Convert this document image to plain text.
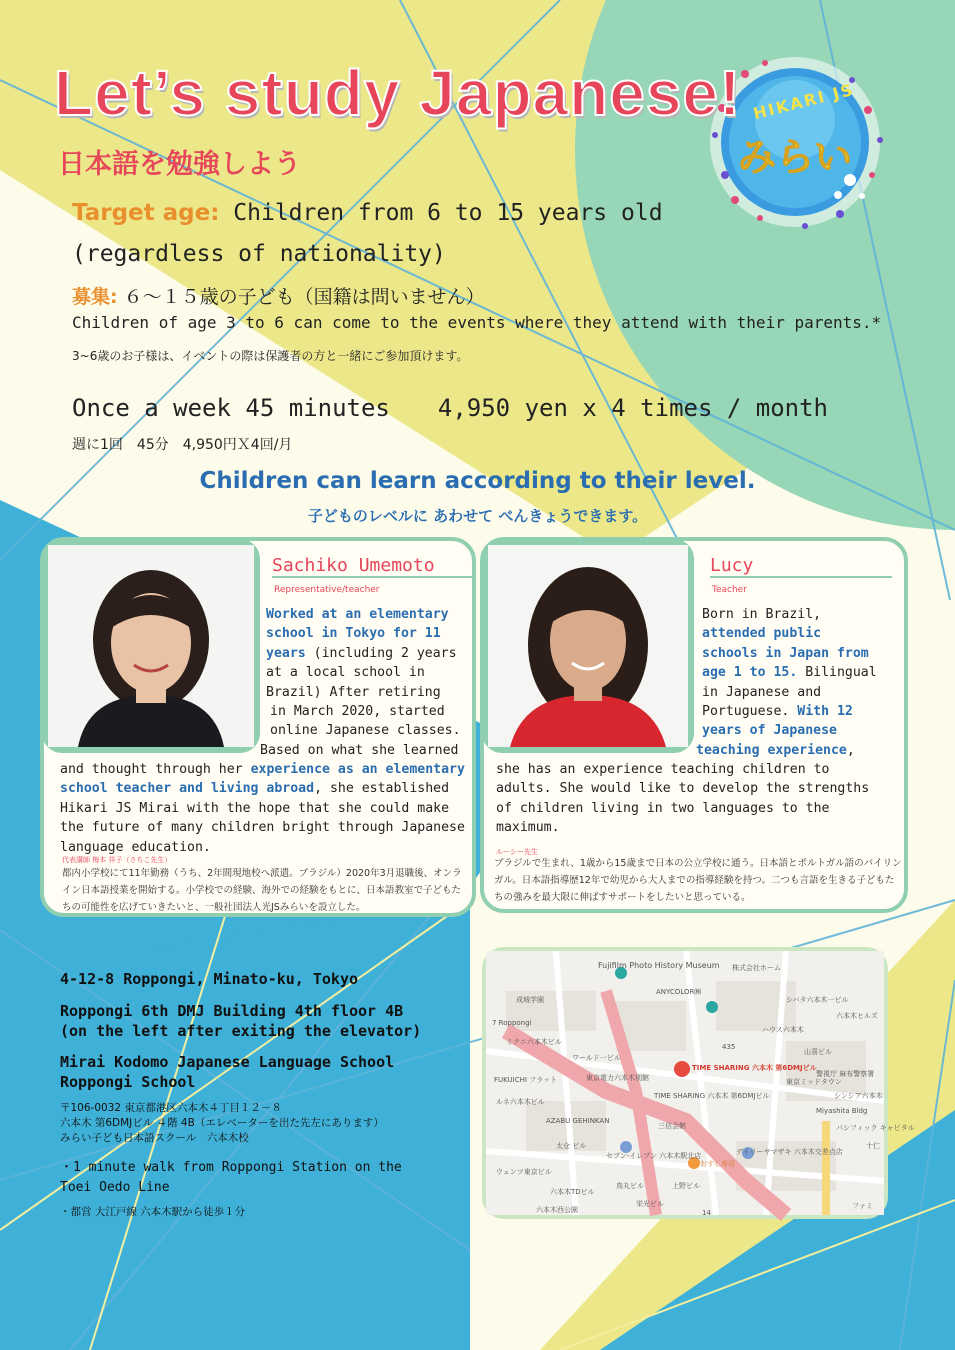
HIKARI JS
みらい
Let’s study Japanese!
日本語を勉強しよう
Target age: Children from 6 to 15 years old
(regardless of nationality)
募集: ６～１５歳の子ども（国籍は問いません）
Children of age 3 to 6 can come to the events where they attend with their parents.*
3~6歳のお子様は、イベントの際は保護者の方と一緒にご参加頂けます。
Once a week 45 minutes　　4,950 yen x 4 times / month
週に1回　45分　4,950円Ｘ4回/月
Children can learn according to their level.
子どものレベルに あわせて べんきょうできます。
Sachiko Umemoto
Representative/teacher
Worked at an elementary
school in Tokyo for 11
years (including 2 years
at a local school in
Brazil) After retiring
in March 2020, started
online Japanese classes.
Based on what she learned
and thought through her experience as an elementary
school teacher and living abroad, she established
Hikari JS Mirai with the hope that she could make
the future of many children bright through Japanese
language education.
代表講師 梅本 祥子（さちこ先生）
都内小学校にて11年勤務（うち、2年間現地校へ派遣。ブラジル）2020年3月退職後、オンライン日本語授業を開始する。小学校での経験、海外での経験をもとに、日本語教室で子どもたちの可能性を広げていきたいと、一般社団法人光JSみらいを設立した。
Lucy
Teacher
Born in Brazil,
attended public
schools in Japan from
age 1 to 15. Bilingual
in Japanese and
Portuguese. With 12
years of Japanese
teaching experience,
she has an experience teaching children to
adults. She would like to develop the strengths
of children living in two languages to the
maximum.
ルーシー先生
ブラジルで生まれ、1歳から15歳まで日本の公立学校に通う。日本語とポルトガル語のバイリンガル。日本語指導歴12年で幼児から大人までの指導経験を持つ。二つも言語を生きる子どもたちの強みを最大限に伸ばすサポートをしたいと思っている。
4-12-8 Roppongi, Minato-ku, Tokyo
Roppongi 6th DMJ Building 4th floor 4B
(on the left after exiting the elevator)
Mirai Kodomo Japanese Language School
Roppongi School
〒106-0032 東京都港区六本木４丁目１２－８
六本木 第6DMJビル ４階 4B（エレベーターを出た先左にあります）
みらい子ども日本語スクール　六本木校
・1 minute walk from Roppongi Station on the Toei Oedo Line
・都営 大江戸線 六本木駅から徒歩１分
Fujifilm Photo History Museum
ANYCOLOR㈱
TIME SHARING 六本木 第6DMJビル
TIME SHARING 六本木 第6DMJビル
セブン-イレブン 六本木駅北店	デイリーヤマザキ 六本木交差点店
おすし寿司
7 Roppongi
六本木西公園
シバタ六本木一ビル
警視庁 麻布警察署
Miyashita Bldg
成城学園
ファミ
435
14
東京電力六本木別館
AZABU GEHINKAN
ハウス六本木
ミクニ六本木ビル
ワールド一ビル
FUKUICHI フラット
太仓 ビル
六本木TDビル
パシフィック キャピタル
三信会館
シンシア六本木
ウェンツ東京ビル
十仁
株式会社ホーム
山喜ビル
ルネ六本木ビル
上野ビル
鳥丸ビル
六本木ヒルズ
栄光ビル
東京ミッドタウン
